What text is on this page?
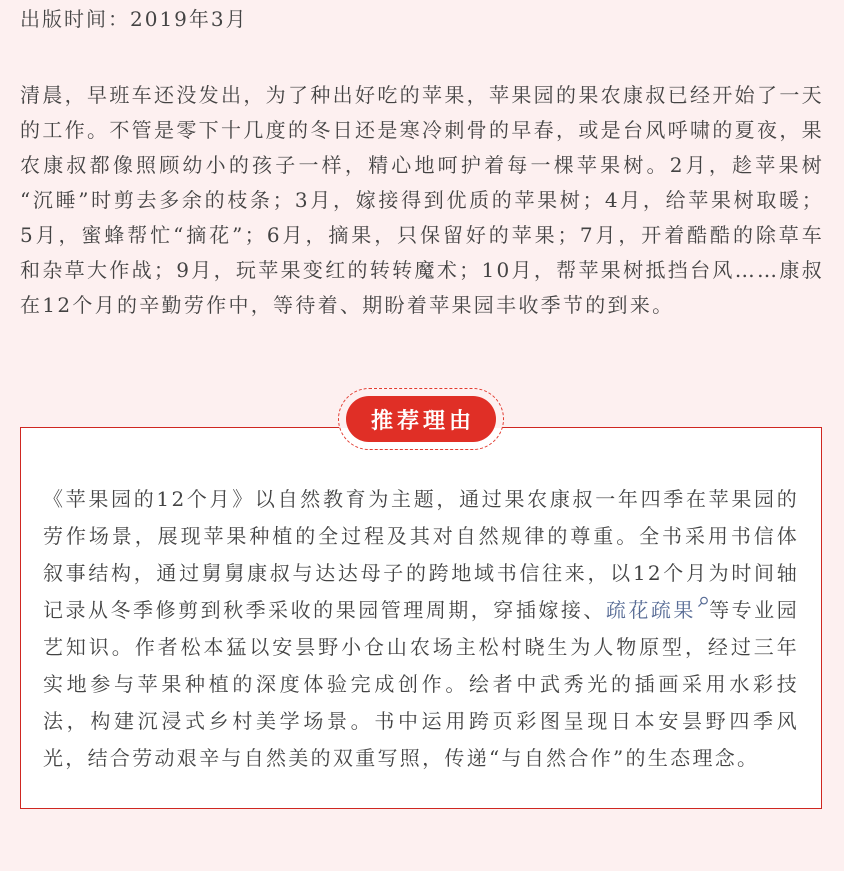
出版时间：2019年3月

清晨，早班车还没发出，为了种出好吃的苹果，苹果园的果农康叔已经开始了一天的工作。不管是零下十几度的冬日还是寒冷刺骨的早春，或是台风呼啸的夏夜，果农康叔都像照顾幼小的孩子一样，精心地呵护着每一棵苹果树。2月，趁苹果树“沉睡”时剪去多余的枝条；3月，嫁接得到优质的苹果树；4月，给苹果树取暖；5月，蜜蜂帮忙“摘花”；6月，摘果，只保留好的苹果；7月，开着酷酷的除草车和杂草大作战；9月，玩苹果变红的转转魔术；10月，帮苹果树抵挡台风……康叔在12个月的辛勤劳作中，等待着、期盼着苹果园丰收季节的到来。

推荐理由

《苹果园的12个月》以自然教育为主题，通过果农康叔一年四季在苹果园的劳作场景，展现苹果种植的全过程及其对自然规律的尊重。全书采用书信体叙事结构，通过舅舅康叔与达达母子的跨地域书信往来，以12个月为时间轴记录从冬季修剪到秋季采收的果园管理周期，穿插嫁接、疏花疏果 等专业园艺知识。作者松本猛以安昙野小仓山农场主松村晓生为人物原型，经过三年实地参与苹果种植的深度体验完成创作。绘者中武秀光的插画采用水彩技法，构建沉浸式乡村美学场景。书中运用跨页彩图呈现日本安昙野四季风光，结合劳动艰辛与自然美的双重写照，传递“与自然合作”的生态理念。
